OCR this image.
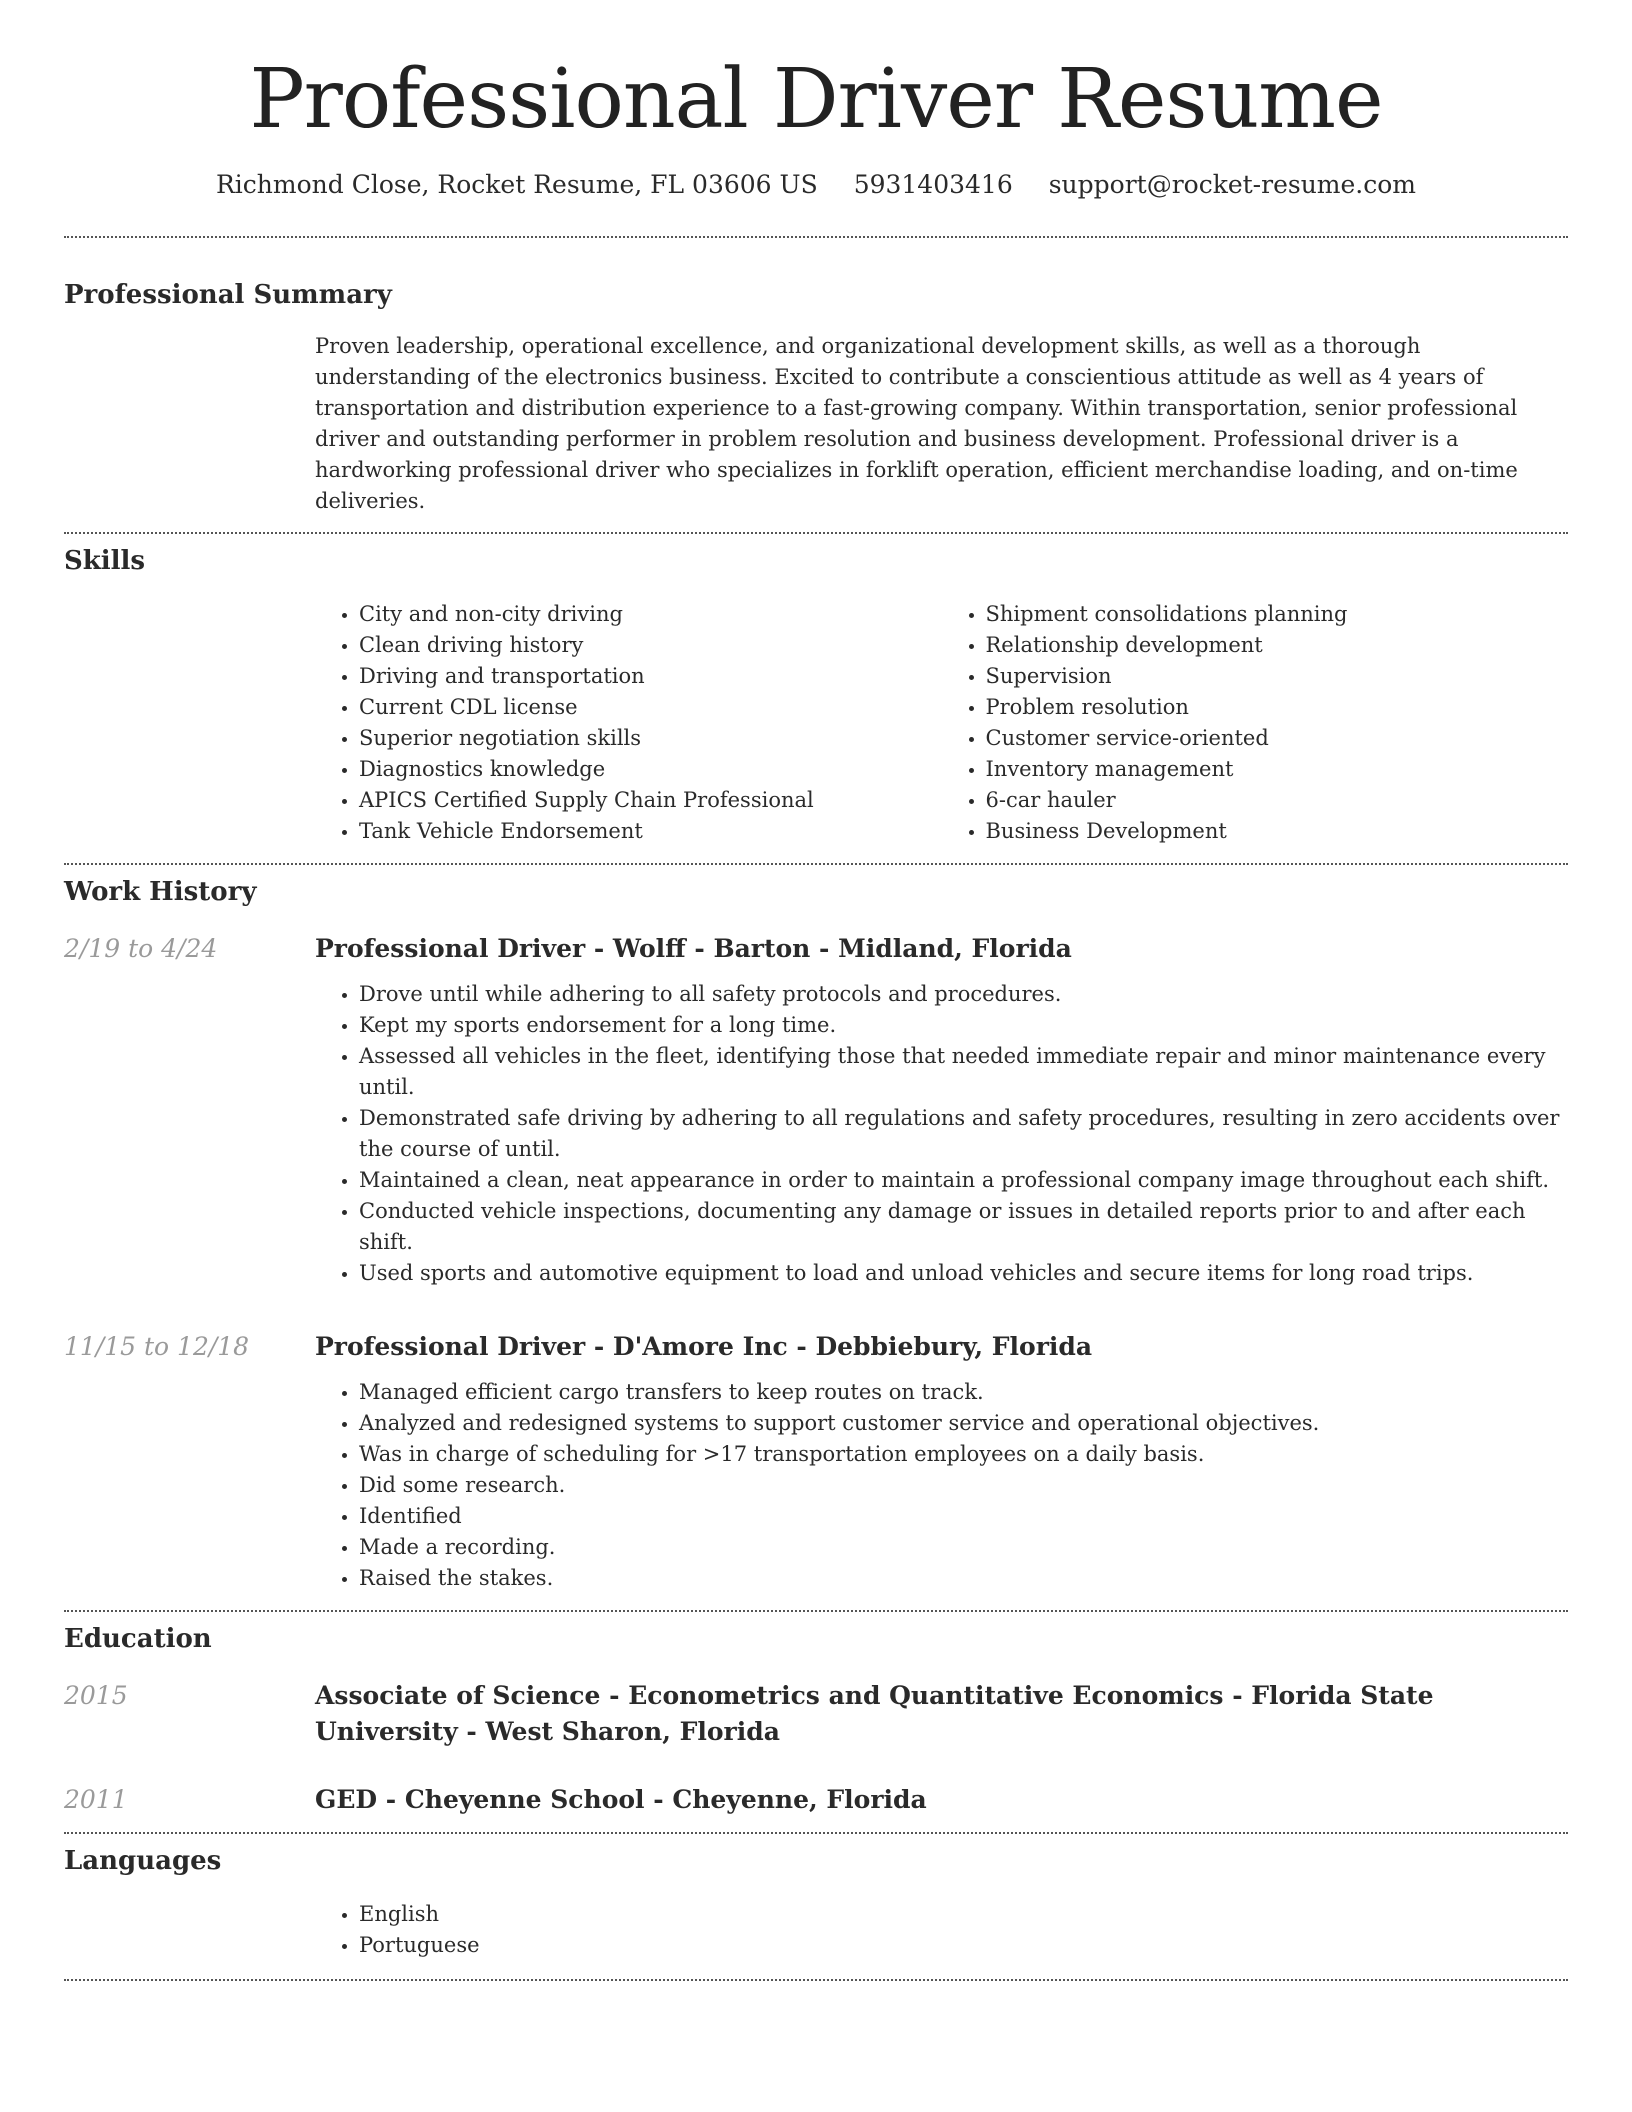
Professional Driver Resume
Richmond Close, Rocket Resume, FL 03606 US 5931403416 support@rocket-resume.com
Professional Summary

Proven leadership, operational excellence, and organizational development skills, as well as a thorough understanding of the electronics business. Excited to contribute a conscientious attitude as well as 4 years of transportation and distribution experience to a fast-growing company. Within transportation, senior professional driver and outstanding performer in problem resolution and business development. Professional driver is a hardworking professional driver who specializes in forklift operation, efficient merchandise loading, and on-time deliveries.

Skills
• City and non-city driving
• Clean driving history
• Driving and transportation
• Current CDL license
• Superior negotiation skills
• Diagnostics knowledge
• APICS Certified Supply Chain Professional
• Tank Vehicle Endorsement
• Shipment consolidations planning
• Relationship development
• Supervision
• Problem resolution
• Customer service-oriented
• Inventory management
• 6-car hauler
• Business Development
Work History
2/19 to 4/24	Professional Driver - Wolff - Barton - Midland, Florida
• Drove until while adhering to all safety protocols and procedures.
• Kept my sports endorsement for a long time.
• Assessed all vehicles in the fleet, identifying those that needed immediate repair and minor maintenance every until.
• Demonstrated safe driving by adhering to all regulations and safety procedures, resulting in zero accidents over the course of until.
• Maintained a clean, neat appearance in order to maintain a professional company image throughout each shift.
• Conducted vehicle inspections, documenting any damage or issues in detailed reports prior to and after each shift.
• Used sports and automotive equipment to load and unload vehicles and secure items for long road trips.
11/15 to 12/18	Professional Driver - D'Amore Inc - Debbiebury, Florida
• Managed efficient cargo transfers to keep routes on track.
• Analyzed and redesigned systems to support customer service and operational objectives.
• Was in charge of scheduling for >17 transportation employees on a daily basis.
• Did some research.
• Identified
• Made a recording.
• Raised the stakes.
Education
2015	Associate of Science - Econometrics and Quantitative Economics - Florida State University - West Sharon, Florida
2011	GED - Cheyenne School - Cheyenne, Florida
Languages
• English
• Portuguese
